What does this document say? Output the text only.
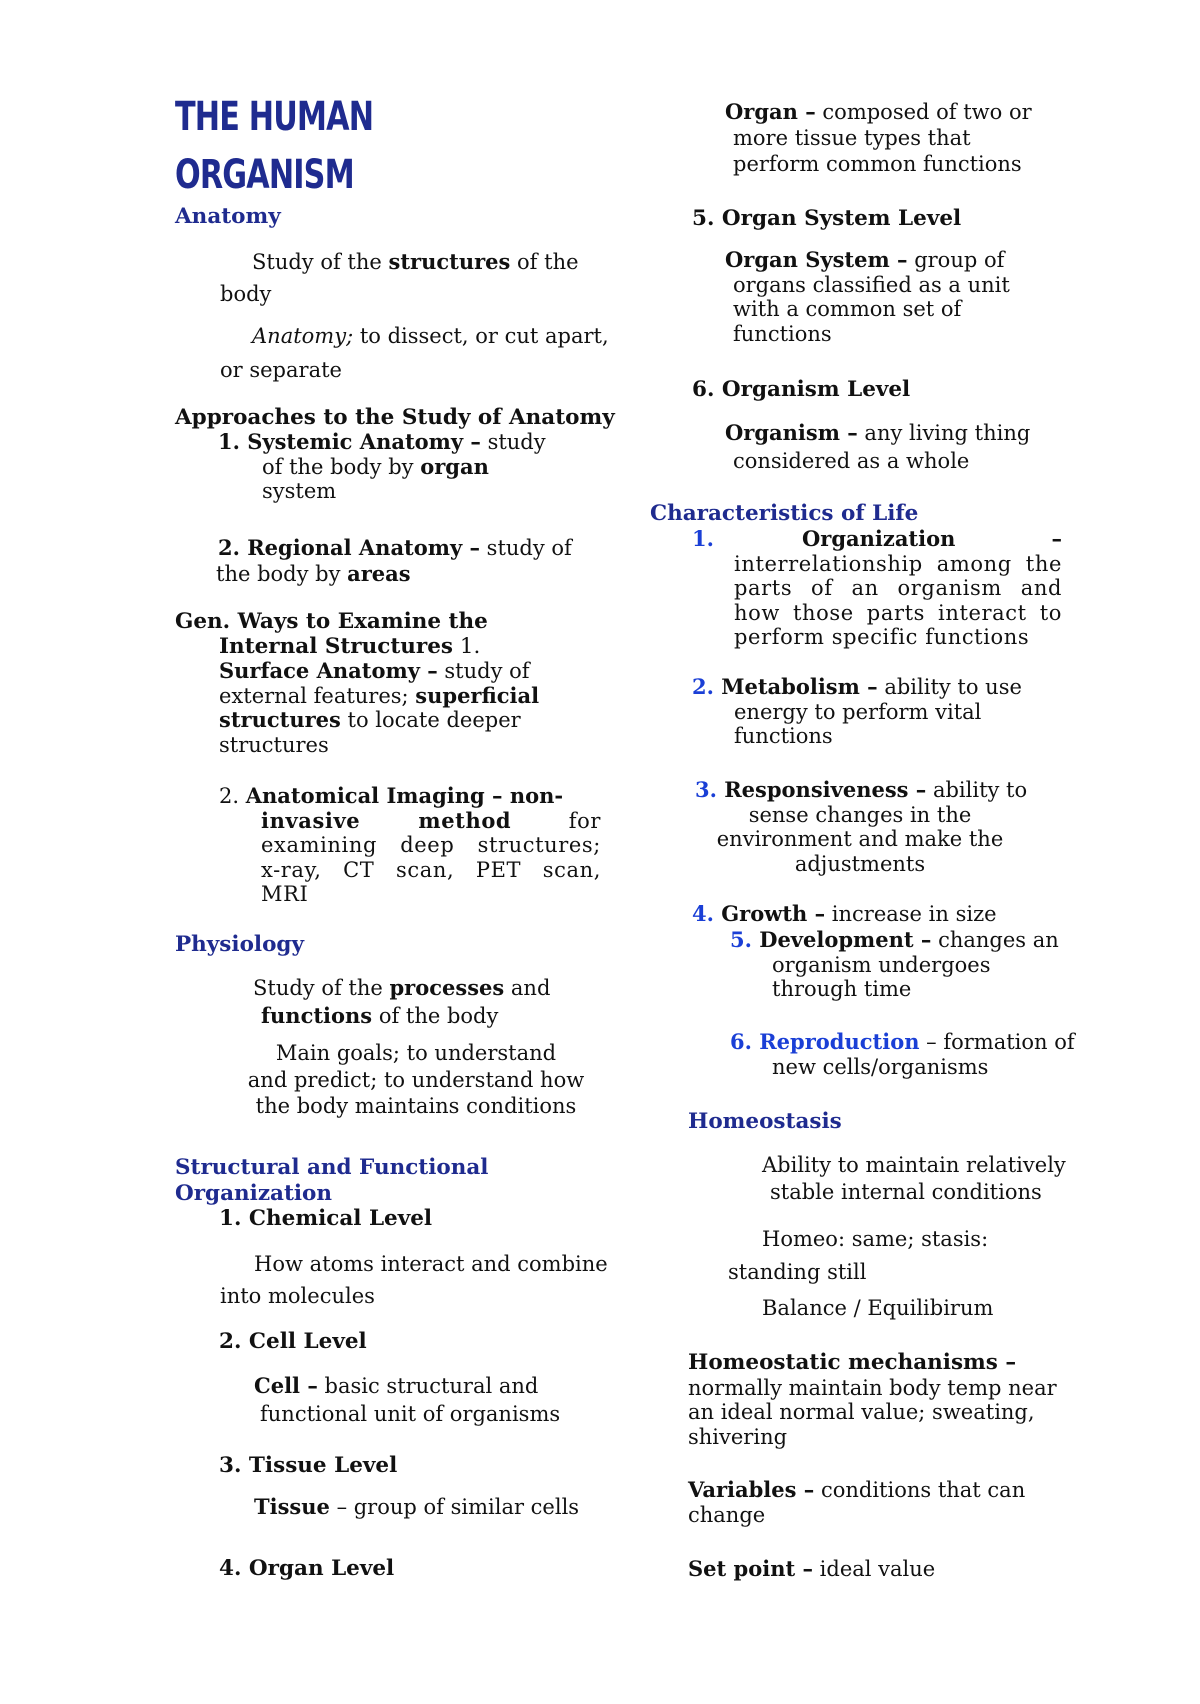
THE HUMAN
ORGANISM
Anatomy
Study of the structures of the
body
Anatomy; to dissect, or cut apart,
or separate
Approaches to the Study of Anatomy
1. Systemic Anatomy – study
of the body by organ
system
2. Regional Anatomy – study of
the body by areas
Gen. Ways to Examine the
Internal Structures 1.
Surface Anatomy – study of
external features; superficial
structures to locate deeper
structures
2. Anatomical Imaging – non-
invasive method for
examining deep structures;
x-ray, CT scan, PET scan,
MRI
Physiology
Study of the processes and
functions of the body
Main goals; to understand
and predict; to understand how
the body maintains conditions
Structural and Functional
Organization
1. Chemical Level
How atoms interact and combine
into molecules
2. Cell Level
Cell – basic structural and
functional unit of organisms
3. Tissue Level
Tissue – group of similar cells
4. Organ Level
Organ – composed of two or
more tissue types that
perform common functions
5. Organ System Level
Organ System – group of
organs classified as a unit
with a common set of
functions
6. Organism Level
Organism – any living thing
considered as a whole
Characteristics of Life
1.	Organization	–
interrelationship among the
parts of an organism and
how those parts interact to
perform specific functions
2. Metabolism – ability to use
energy to perform vital
functions
3. Responsiveness – ability to
sense changes in the
environment and make the
adjustments
4. Growth – increase in size
5. Development – changes an
organism undergoes
through time
6. Reproduction – formation of
new cells/organisms
Homeostasis
Ability to maintain relatively
stable internal conditions
Homeo: same; stasis:
standing still
Balance / Equilibirum
Homeostatic mechanisms –
normally maintain body temp near
an ideal normal value; sweating,
shivering
Variables – conditions that can
change
Set point – ideal value
